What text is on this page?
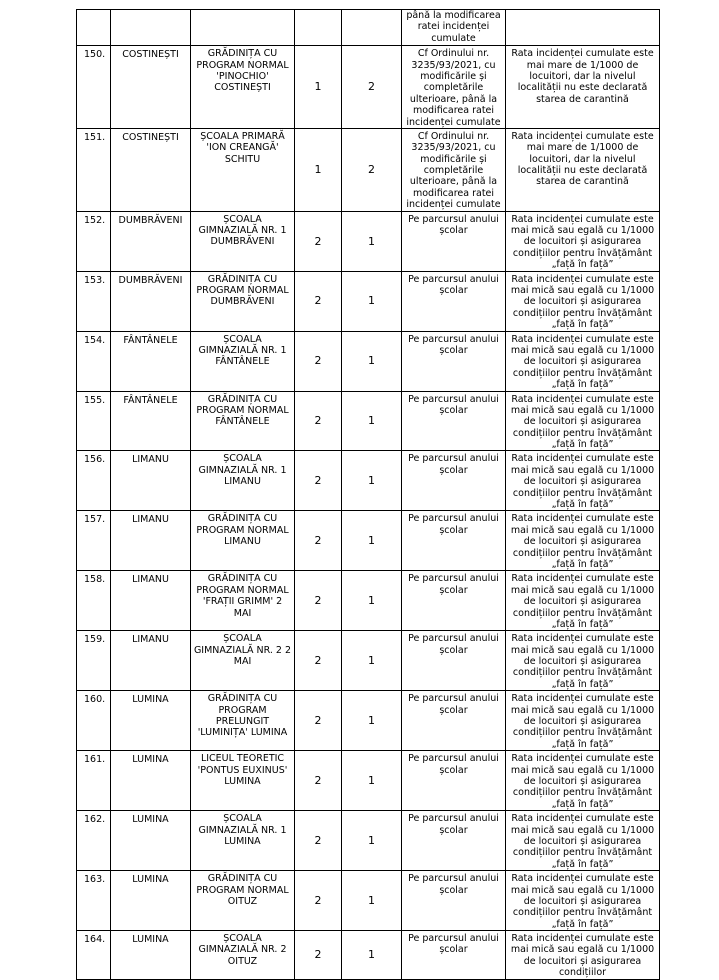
					până la modificarea ratei incidenței cumulate	
150.	COSTINEȘTI	GRĂDINIȚA CU PROGRAM NORMAL 'PINOCHIO' COSTINEȘTI	1	2	Cf Ordinului nr. 3235/93/2021, cu modificările și completările ulterioare, până la modificarea ratei incidenței cumulate	Rata incidenței cumulate este mai mare de 1/1000 de locuitori, dar la nivelul localității nu este declarată starea de carantină
151.	COSTINEȘTI	ȘCOALA PRIMARĂ 'ION CREANGĂ' SCHITU	1	2	Cf Ordinului nr. 3235/93/2021, cu modificările și completările ulterioare, până la modificarea ratei incidenței cumulate	Rata incidenței cumulate este mai mare de 1/1000 de locuitori, dar la nivelul localității nu este declarată starea de carantină
152.	DUMBRĂVENI	ȘCOALA GIMNAZIALĂ NR. 1 DUMBRĂVENI	2	1	Pe parcursul anului școlar	Rata incidenței cumulate este mai mică sau egală cu 1/1000 de locuitori și asigurarea condițiilor pentru învățământ „față în față”
153.	DUMBRĂVENI	GRĂDINIȚA CU PROGRAM NORMAL DUMBRĂVENI	2	1	Pe parcursul anului școlar	Rata incidenței cumulate este mai mică sau egală cu 1/1000 de locuitori și asigurarea condițiilor pentru învățământ „față în față”
154.	FÂNTÂNELE	ȘCOALA GIMNAZIALĂ NR. 1 FÂNTÂNELE	2	1	Pe parcursul anului școlar	Rata incidenței cumulate este mai mică sau egală cu 1/1000 de locuitori și asigurarea condițiilor pentru învățământ „față în față”
155.	FÂNTÂNELE	GRĂDINIȚA CU PROGRAM NORMAL FÂNTÂNELE	2	1	Pe parcursul anului școlar	Rata incidenței cumulate este mai mică sau egală cu 1/1000 de locuitori și asigurarea condițiilor pentru învățământ „față în față”
156.	LIMANU	ȘCOALA GIMNAZIALĂ NR. 1 LIMANU	2	1	Pe parcursul anului școlar	Rata incidenței cumulate este mai mică sau egală cu 1/1000 de locuitori și asigurarea condițiilor pentru învățământ „față în față”
157.	LIMANU	GRĂDINIȚA CU PROGRAM NORMAL LIMANU	2	1	Pe parcursul anului școlar	Rata incidenței cumulate este mai mică sau egală cu 1/1000 de locuitori și asigurarea condițiilor pentru învățământ „față în față”
158.	LIMANU	GRĂDINIȚA CU PROGRAM NORMAL 'FRAȚII GRIMM' 2 MAI	2	1	Pe parcursul anului școlar	Rata incidenței cumulate este mai mică sau egală cu 1/1000 de locuitori și asigurarea condițiilor pentru învățământ „față în față”
159.	LIMANU	ȘCOALA GIMNAZIALĂ NR. 2 2 MAI	2	1	Pe parcursul anului școlar	Rata incidenței cumulate este mai mică sau egală cu 1/1000 de locuitori și asigurarea condițiilor pentru învățământ „față în față”
160.	LUMINA	GRĂDINIȚA CU PROGRAM PRELUNGIT 'LUMINIȚA' LUMINA	2	1	Pe parcursul anului școlar	Rata incidenței cumulate este mai mică sau egală cu 1/1000 de locuitori și asigurarea condițiilor pentru învățământ „față în față”
161.	LUMINA	LICEUL TEORETIC 'PONTUS EUXINUS' LUMINA	2	1	Pe parcursul anului școlar	Rata incidenței cumulate este mai mică sau egală cu 1/1000 de locuitori și asigurarea condițiilor pentru învățământ „față în față”
162.	LUMINA	ȘCOALA GIMNAZIALĂ NR. 1 LUMINA	2	1	Pe parcursul anului școlar	Rata incidenței cumulate este mai mică sau egală cu 1/1000 de locuitori și asigurarea condițiilor pentru învățământ „față în față”
163.	LUMINA	GRĂDINIȚA CU PROGRAM NORMAL OITUZ	2	1	Pe parcursul anului școlar	Rata incidenței cumulate este mai mică sau egală cu 1/1000 de locuitori și asigurarea condițiilor pentru învățământ „față în față”
164.	LUMINA	ȘCOALA GIMNAZIALĂ NR. 2 OITUZ	2	1	Pe parcursul anului școlar	Rata incidenței cumulate este mai mică sau egală cu 1/1000 de locuitori și asigurarea condițiilor
